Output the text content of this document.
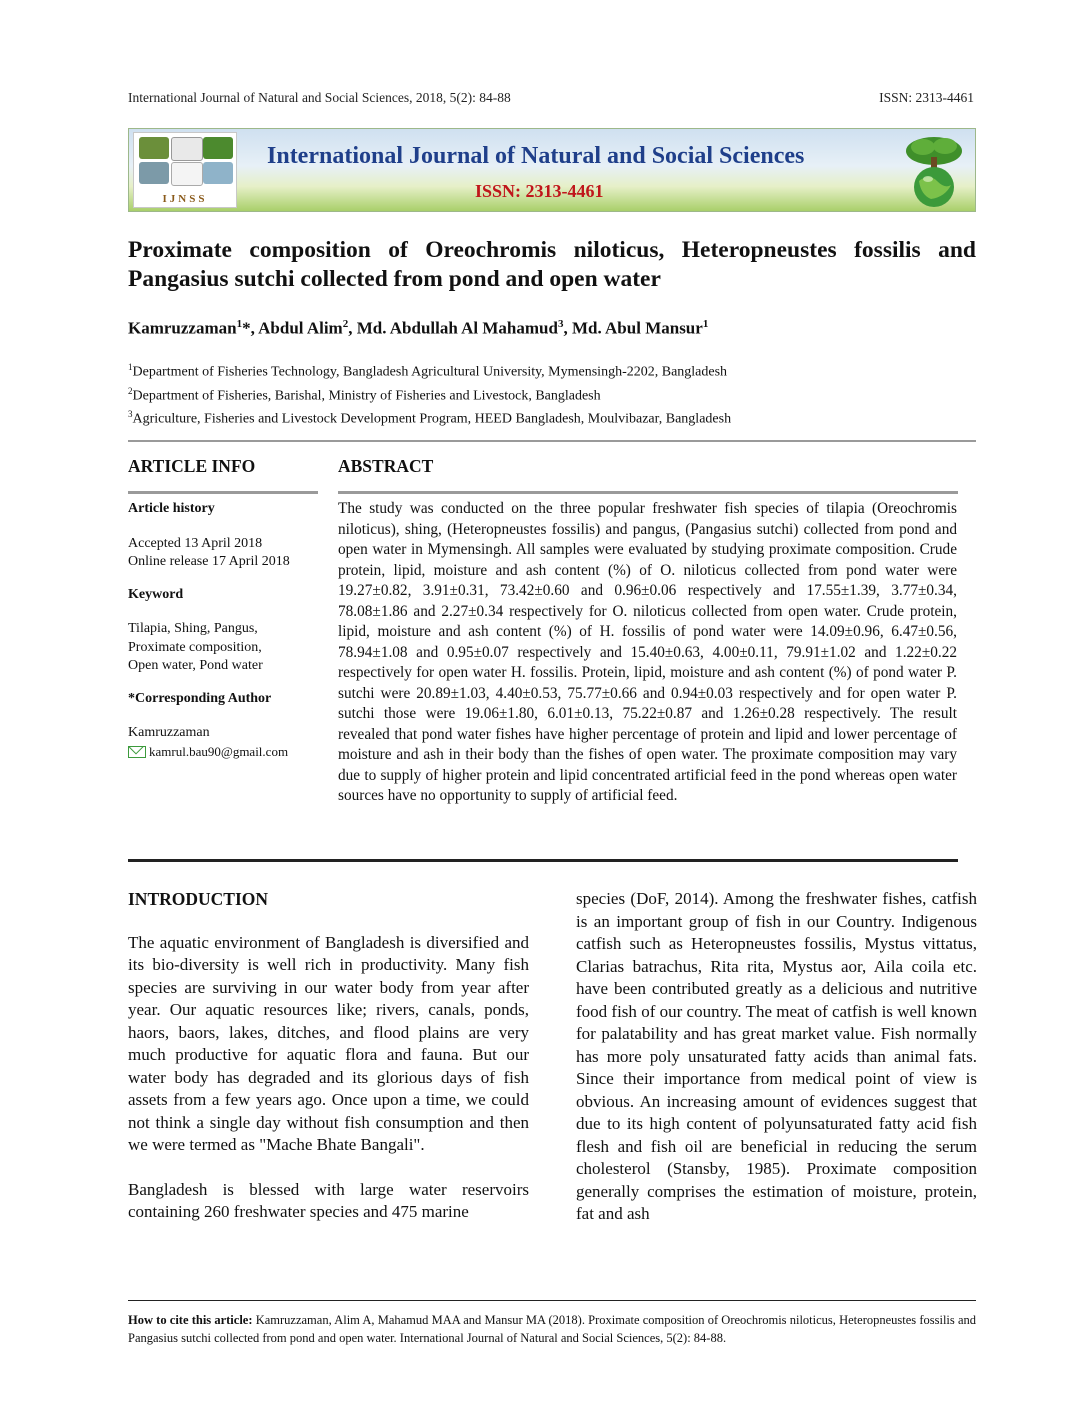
International Journal of Natural and Social Sciences, 2018, 5(2): 84-88	ISSN: 2313-4461
IJNSS
International Journal of Natural and Social Sciences
ISSN: 2313-4461
Proximate composition of Oreochromis niloticus, Heteropneustes fossilis and Pangasius sutchi collected from pond and open water
Kamruzzaman$^1$*, Abdul Alim$^2$, Md. Abdullah Al Mahamud$^3$, Md. Abul Mansur$^1$
$^1$Department of Fisheries Technology, Bangladesh Agricultural University, Mymensingh-2202, Bangladesh
$^2$Department of Fisheries, Barishal, Ministry of Fisheries and Livestock, Bangladesh
$^3$Agriculture, Fisheries and Livestock Development Program, HEED Bangladesh, Moulvibazar, Bangladesh
ARTICLE INFO	ABSTRACT
Article history
Accepted 13 April 2018
Online release 17 April 2018
Keyword
Tilapia, Shing, Pangus,
Proximate composition,
Open water, Pond water
*Corresponding Author
Kamruzzaman
kamrul.bau90@gmail.com
The study was conducted on the three popular freshwater fish species of tilapia (Oreochromis niloticus), shing, (Heteropneustes fossilis) and pangus, (Pangasius sutchi) collected from pond and open water in Mymensingh. All samples were evaluated by studying proximate composition. Crude protein, lipid, moisture and ash content (%) of O. niloticus collected from pond water were 19.27±0.82, 3.91±0.31, 73.42±0.60 and 0.96±0.06 respectively and 17.55±1.39, 3.77±0.34, 78.08±1.86 and 2.27±0.34 respectively for O. niloticus collected from open water. Crude protein, lipid, moisture and ash content (%) of H. fossilis of pond water were 14.09±0.96, 6.47±0.56, 78.94±1.08 and 0.95±0.07 respectively and 15.40±0.63, 4.00±0.11, 79.91±1.02 and 1.22±0.22 respectively for open water H. fossilis. Protein, lipid, moisture and ash content (%) of pond water P. sutchi were 20.89±1.03, 4.40±0.53, 75.77±0.66 and 0.94±0.03 respectively and for open water P. sutchi those were 19.06±1.80, 6.01±0.13, 75.22±0.87 and 1.26±0.28 respectively. The result revealed that pond water fishes have higher percentage of protein and lipid and lower percentage of moisture and ash in their body than the fishes of open water. The proximate composition may vary due to supply of higher protein and lipid concentrated artificial feed in the pond whereas open water sources have no opportunity to supply of artificial feed.
INTRODUCTION

The aquatic environment of Bangladesh is diversified and its bio-diversity is well rich in productivity. Many fish species are surviving in our water body from year after year. Our aquatic resources like; rivers, canals, ponds, haors, baors, lakes, ditches, and flood plains are very much productive for aquatic flora and fauna. But our water body has degraded and its glorious days of fish assets from a few years ago. Once upon a time, we could not think a single day without fish consumption and then we were termed as "Mache Bhate Bangali".

Bangladesh is blessed with large water reservoirs containing 260 freshwater species and 475 marine

species (DoF, 2014). Among the freshwater fishes, catfish is an important group of fish in our Country. Indigenous catfish such as Heteropneustes fossilis, Mystus vittatus, Clarias batrachus, Rita rita, Mystus aor, Aila coila etc. have been contributed greatly as a delicious and nutritive food fish of our country. The meat of catfish is well known for palatability and has great market value. Fish normally has more poly unsaturated fatty acids than animal fats. Since their importance from medical point of view is obvious. An increasing amount of evidences suggest that due to its high content of polyunsaturated fatty acid fish flesh and fish oil are beneficial in reducing the serum cholesterol (Stansby, 1985). Proximate composition generally comprises the estimation of moisture, protein, fat and ash

How to cite this article: Kamruzzaman, Alim A, Mahamud MAA and Mansur MA (2018). Proximate composition of Oreochromis niloticus, Heteropneustes fossilis and Pangasius sutchi collected from pond and open water. International Journal of Natural and Social Sciences, 5(2): 84-88.
